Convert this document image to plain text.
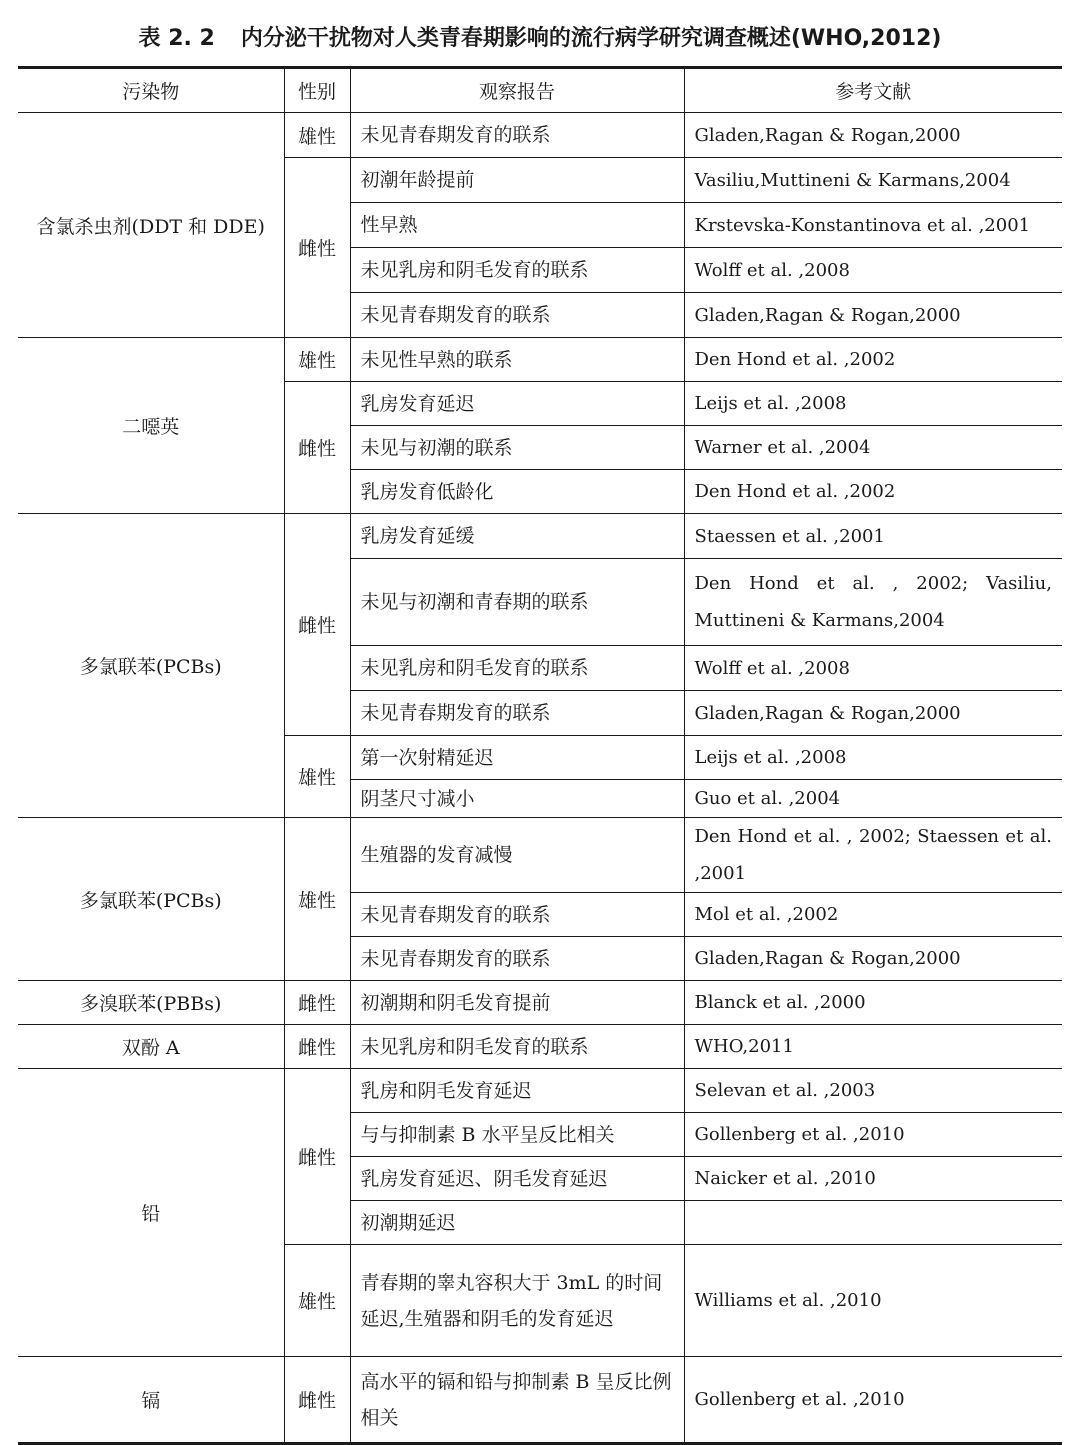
表 2. 2 内分泌干扰物对人类青春期影响的流行病学研究调查概述(WHO,2012)
污染物	性别	观察报告	参考文献
含氯杀虫剂(DDT 和 DDE)	雄性	未见青春期发育的联系	Gladen,Ragan & Rogan,2000
	雌性	初潮年龄提前	Vasiliu,Muttineni & Karmans,2004
		性早熟	Krstevska-Konstantinova et al. ,2001
		未见乳房和阴毛发育的联系	Wolff et al. ,2008
		未见青春期发育的联系	Gladen,Ragan & Rogan,2000
二噁英	雄性	未见性早熟的联系	Den Hond et al. ,2002
	雌性	乳房发育延迟	Leijs et al. ,2008
		未见与初潮的联系	Warner et al. ,2004
		乳房发育低龄化	Den Hond et al. ,2002
多氯联苯(PCBs)	雌性	乳房发育延缓	Staessen et al. ,2001
		未见与初潮和青春期的联系	Den Hond et al. , 2002; Vasiliu, Muttineni & Karmans,2004
		未见乳房和阴毛发育的联系	Wolff et al. ,2008
		未见青春期发育的联系	Gladen,Ragan & Rogan,2000
	雄性	第一次射精延迟	Leijs et al. ,2008
		阴茎尺寸减小	Guo et al. ,2004
多氯联苯(PCBs)	雄性	生殖器的发育减慢	Den Hond et al. , 2002; Staessen et al. ,2001
		未见青春期发育的联系	Mol et al. ,2002
		未见青春期发育的联系	Gladen,Ragan & Rogan,2000
多溴联苯(PBBs)	雌性	初潮期和阴毛发育提前	Blanck et al. ,2000
双酚 A	雌性	未见乳房和阴毛发育的联系	WHO,2011
铅	雌性	乳房和阴毛发育延迟	Selevan et al. ,2003
		与与抑制素 B 水平呈反比相关	Gollenberg et al. ,2010
		乳房发育延迟、阴毛发育延迟	Naicker et al. ,2010
		初潮期延迟	
	雄性	青春期的睾丸容积大于 3mL 的时间延迟,生殖器和阴毛的发育延迟	Williams et al. ,2010
镉	雌性	高水平的镉和铅与抑制素 B 呈反比例相关	Gollenberg et al. ,2010
